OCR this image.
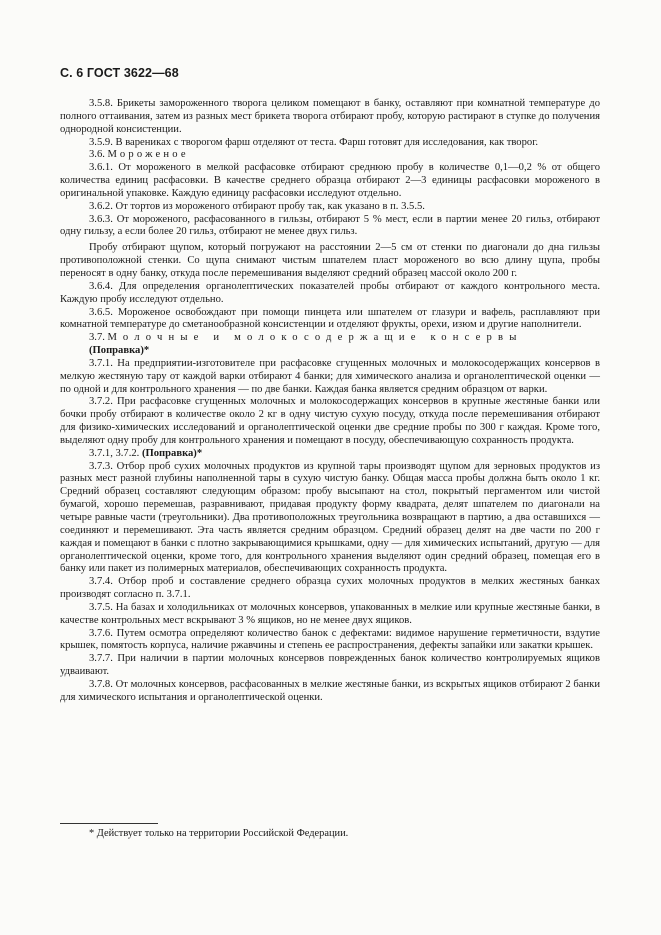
С. 6 ГОСТ 3622—68

3.5.8. Брикеты замороженного творога целиком помещают в банку, оставляют при комнатной температуре до полного оттаивания, затем из разных мест брикета творога отбирают пробу, которую растирают в ступке до получения однородной консистенции.

3.5.9. В варениках с творогом фарш отделяют от теста. Фарш готовят для исследования, как творог.

3.6. Мороженое

3.6.1. От мороженого в мелкой расфасовке отбирают среднюю пробу в количестве 0,1—0,2 % от общего количества единиц расфасовки. В качестве среднего образца отбирают 2—3 единицы расфасовки мороженого в оригинальной упаковке. Каждую единицу расфасовки исследуют отдельно.

3.6.2. От тортов из мороженого отбирают пробу так, как указано в п. 3.5.5.

3.6.3. От мороженого, расфасованного в гильзы, отбирают 5 % мест, если в партии менее 20 гильз, отбирают одну гильзу, а если более 20 гильз, отбирают не менее двух гильз.

Пробу отбирают щупом, который погружают на расстоянии 2—5 см от стенки по диагонали до дна гильзы противоположной стенки. Со щупа снимают чистым шпателем пласт мороженого во всю длину щупа, пробы переносят в одну банку, откуда после перемешивания выделяют средний образец массой около 200 г.

3.6.4. Для определения органолептических показателей пробы отбирают от каждого контрольного места. Каждую пробу исследуют отдельно.

3.6.5. Мороженое освобождают при помощи пинцета или шпателем от глазури и вафель, расплавляют при комнатной температуре до сметанообразной консистенции и отделяют фрукты, орехи, изюм и другие наполнители.

3.7. Молочные и молокосодержащие консервы

(Поправка)*

3.7.1. На предприятии-изготовителе при расфасовке сгущенных молочных и молокосодержащих консервов в мелкую жестяную тару от каждой варки отбирают 4 банки; для химического анализа и органолептической оценки — по одной и для контрольного хранения — по две банки. Каждая банка является средним образцом от варки.

3.7.2. При расфасовке сгущенных молочных и молокосодержащих консервов в крупные жестяные банки или бочки пробу отбирают в количестве около 2 кг в одну чистую сухую посуду, откуда после перемешивания отбирают для физико-химических исследований и органолептической оценки две средние пробы по 300 г каждая. Кроме того, выделяют одну пробу для контрольного хранения и помещают в посуду, обеспечивающую сохранность продукта.

3.7.1, 3.7.2. (Поправка)*

3.7.3. Отбор проб сухих молочных продуктов из крупной тары производят щупом для зерновых продуктов из разных мест разной глубины наполненной тары в сухую чистую банку. Общая масса пробы должна быть около 1 кг. Средний образец составляют следующим образом: пробу высыпают на стол, покрытый пергаментом или чистой бумагой, хорошо перемешав, разравнивают, придавая продукту форму квадрата, делят шпателем по диагонали на четыре равные части (треугольники). Два противоположных треугольника возвращают в партию, а два оставшихся — соединяют и перемешивают. Эта часть является средним образцом. Средний образец делят на две части по 200 г каждая и помещают в банки с плотно закрывающимися крышками, одну — для химических испытаний, другую — для органолептической оценки, кроме того, для контрольного хранения выделяют один средний образец, помещая его в банку или пакет из полимерных материалов, обеспечивающих сохранность продукта.

3.7.4. Отбор проб и составление среднего образца сухих молочных продуктов в мелких жестяных банках производят согласно п. 3.7.1.

3.7.5. На базах и холодильниках от молочных консервов, упакованных в мелкие или крупные жестяные банки, в качестве контрольных мест вскрывают 3 % ящиков, но не менее двух ящиков.

3.7.6. Путем осмотра определяют количество банок с дефектами: видимое нарушение герметичности, вздутие крышек, помятость корпуса, наличие ржавчины и степень ее распространения, дефекты запайки или закатки крышек.

3.7.7. При наличии в партии молочных консервов поврежденных банок количество контролируемых ящиков удваивают.

3.7.8. От молочных консервов, расфасованных в мелкие жестяные банки, из вскрытых ящиков отбирают 2 банки для химического испытания и органолептической оценки.

* Действует только на территории Российской Федерации.
